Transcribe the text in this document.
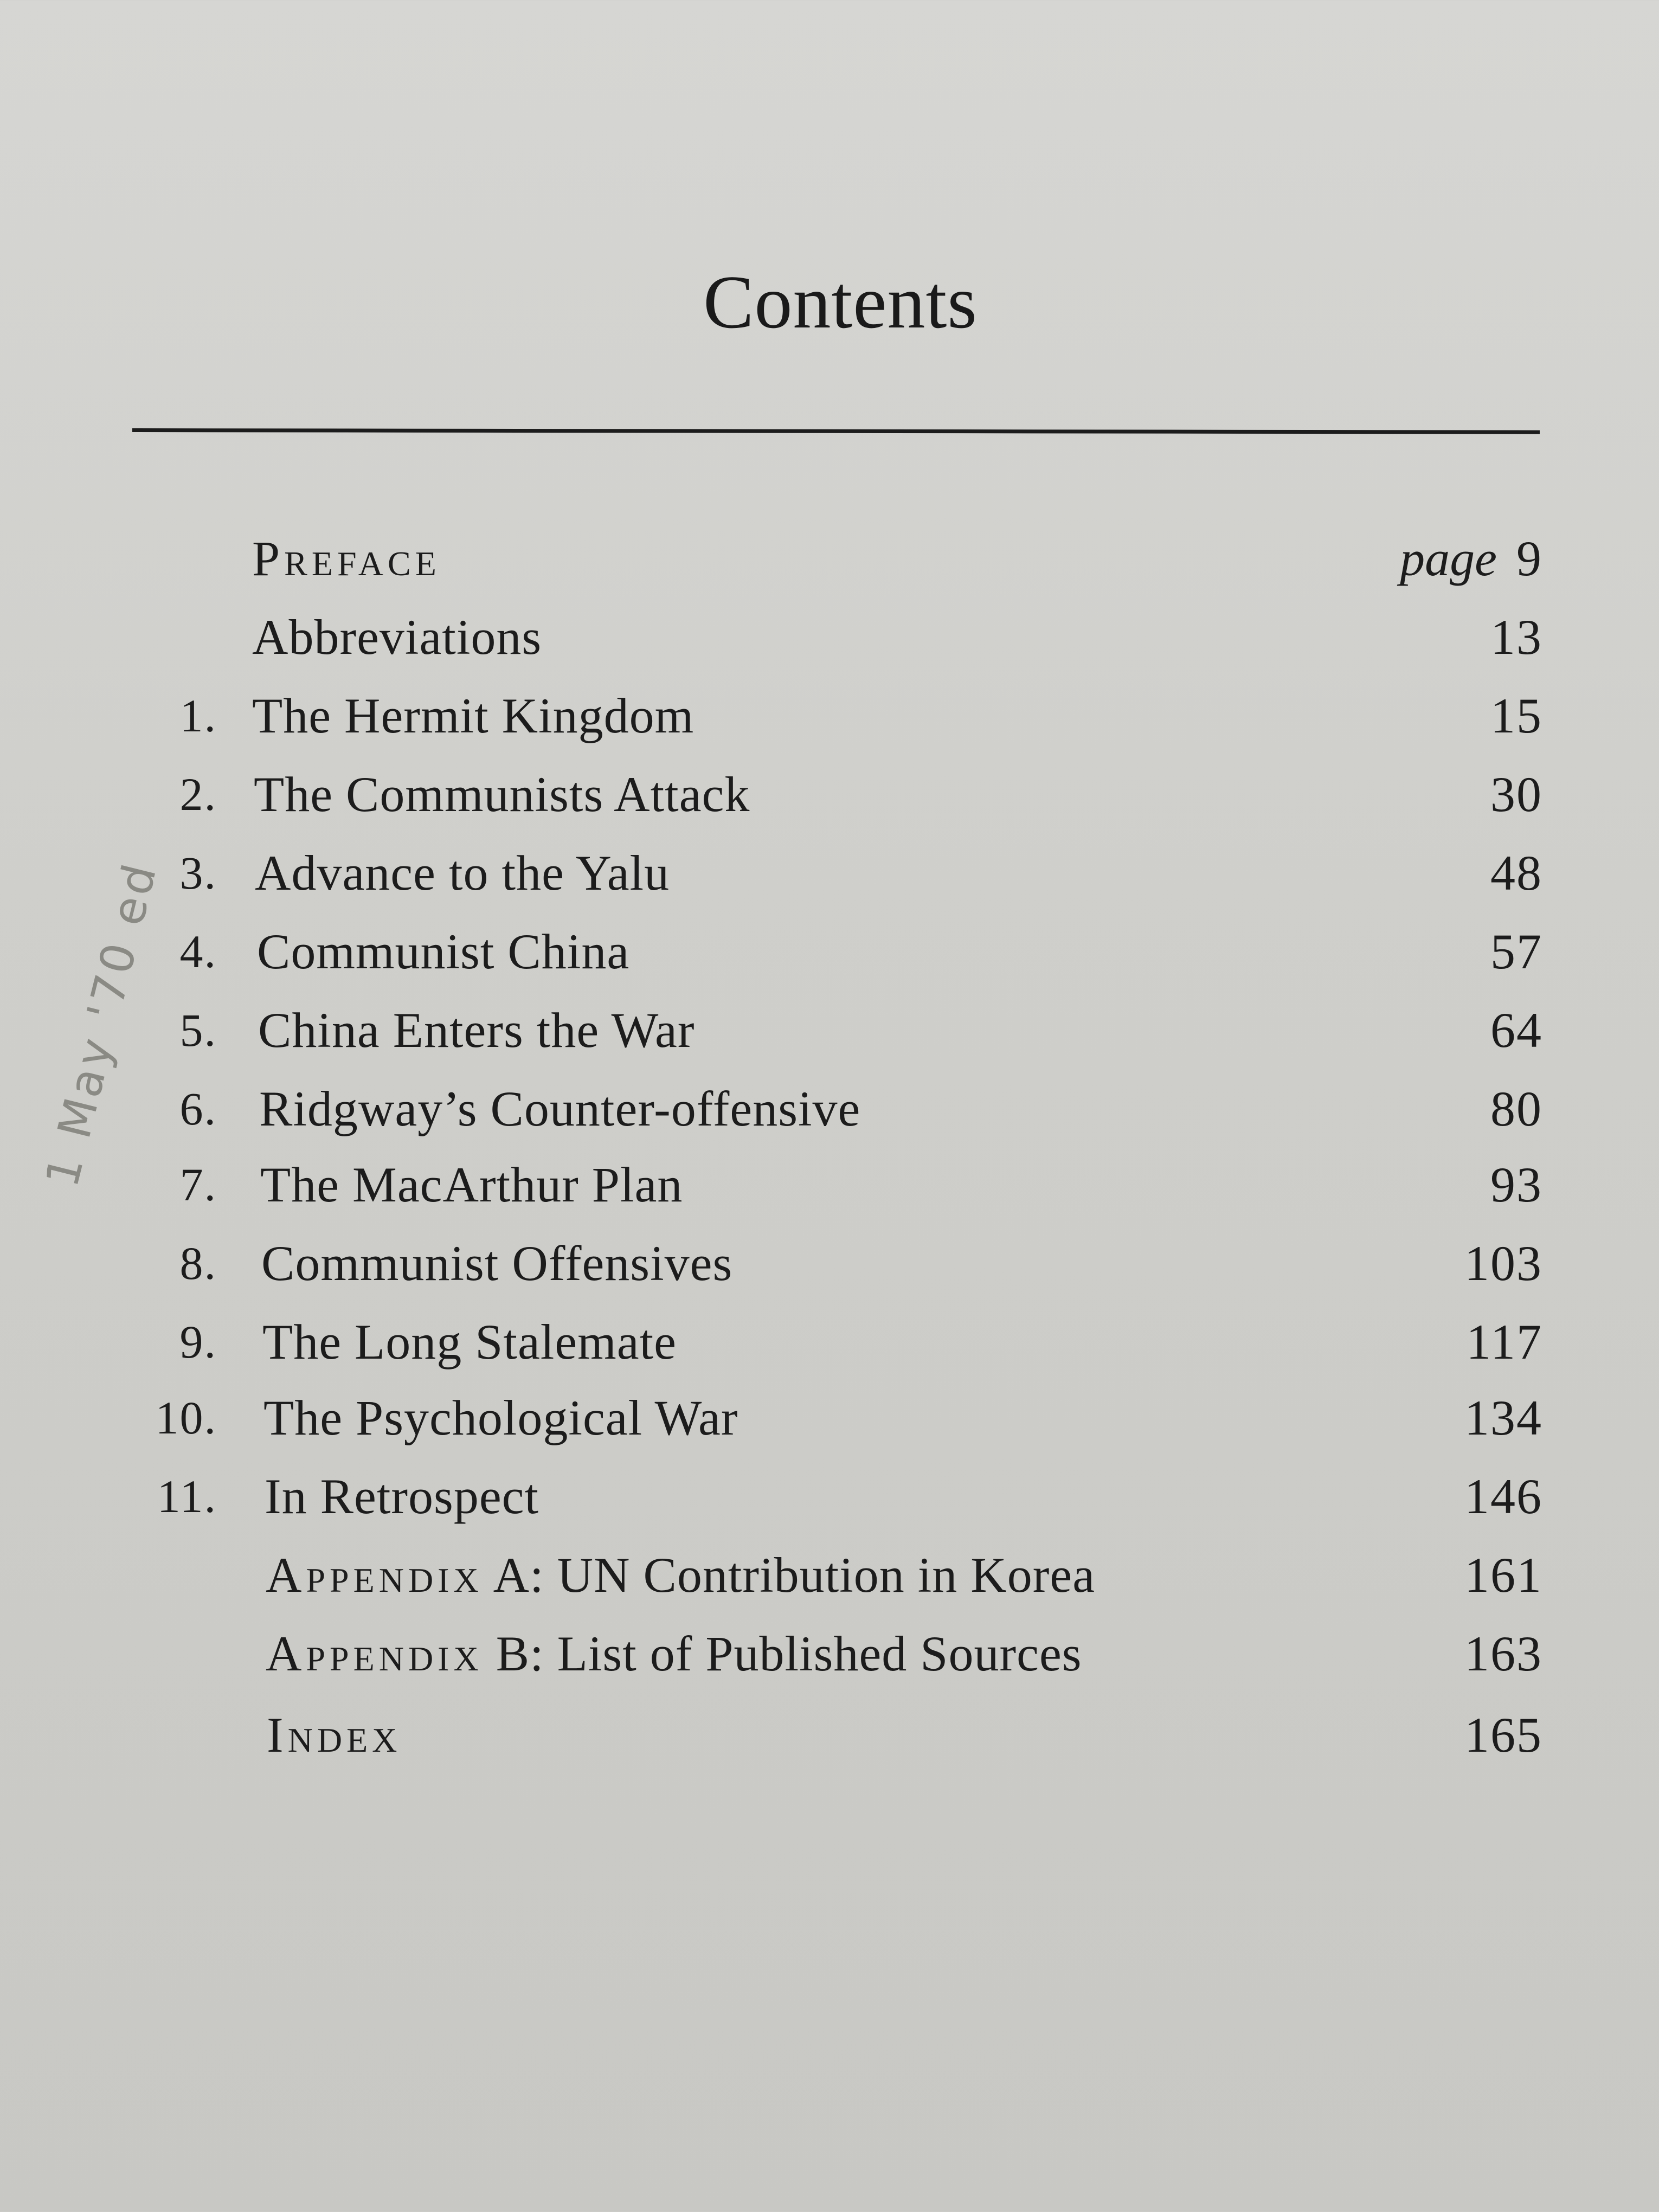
1 May '70 ed
Contents
Preface	page 9
Abbreviations	13
1. The Hermit Kingdom	15
2. The Communists Attack	30
3. Advance to the Yalu	48
4. Communist China	57
5. China Enters the War	64
6. Ridgway’s Counter-offensive	80
7. The MacArthur Plan	93
8. Communist Offensives	103
9. The Long Stalemate	117
10. The Psychological War	134
11. In Retrospect	146
Appendix A: UN Contribution in Korea	161
Appendix B: List of Published Sources	163
Index	165
